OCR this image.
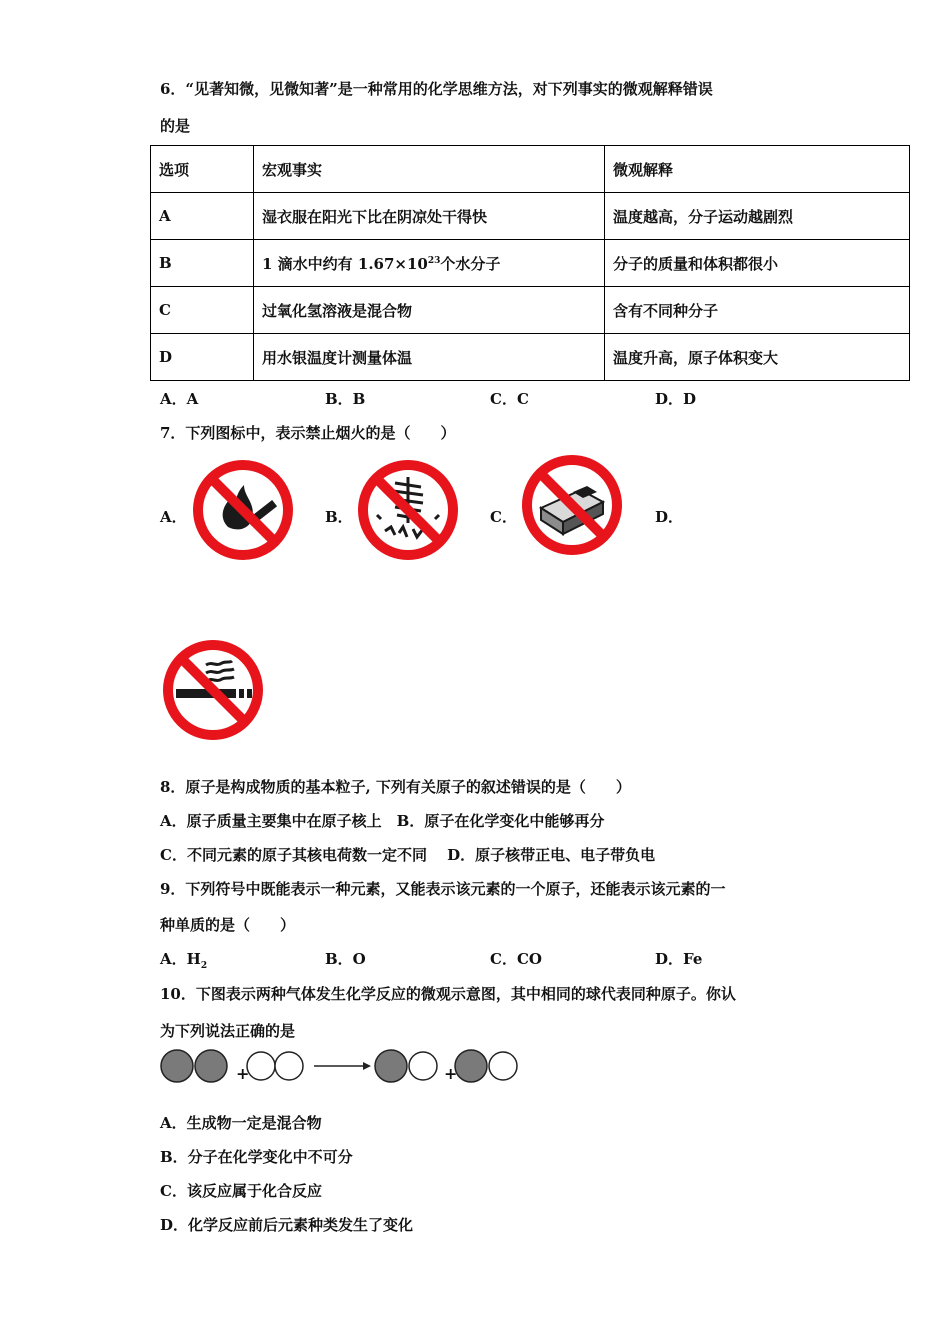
6．“见著知微，见微知著”是一种常用的化学思维方法，对下列事实的微观解释错误
的是
选项	宏观事实	微观解释
A	湿衣服在阳光下比在阴凉处干得快	温度越高，分子运动越剧烈
B	1 滴水中约有 $1.67\times 10^{23}$个水分子	分子的质量和体积都很小
C	过氧化氢溶液是混合物	含有不同种分子
D	用水银温度计测量体温	温度升高，原子体积变大
A．A	B．B	C．C	D．D
7．下列图标中，表示禁止烟火的是（　　）
A．	B．	C．	D．
8．原子是构成物质的基本粒子, 下列有关原子的叙述错误的是（　　）
A．原子质量主要集中在原子核上　B．原子在化学变化中能够再分
C．不同元素的原子其核电荷数一定不同　 D．原子核带正电、电子带负电
9．下列符号中既能表示一种元素，又能表示该元素的一个原子，还能表示该元素的一
种单质的是（　　）
A．$H_2$	B．O	C．CO	D．Fe
10．下图表示两种气体发生化学反应的微观示意图，其中相同的球代表同种原子。你认
为下列说法正确的是
+	+
A．生成物一定是混合物
B．分子在化学变化中不可分
C．该反应属于化合反应
D．化学反应前后元素种类发生了变化
